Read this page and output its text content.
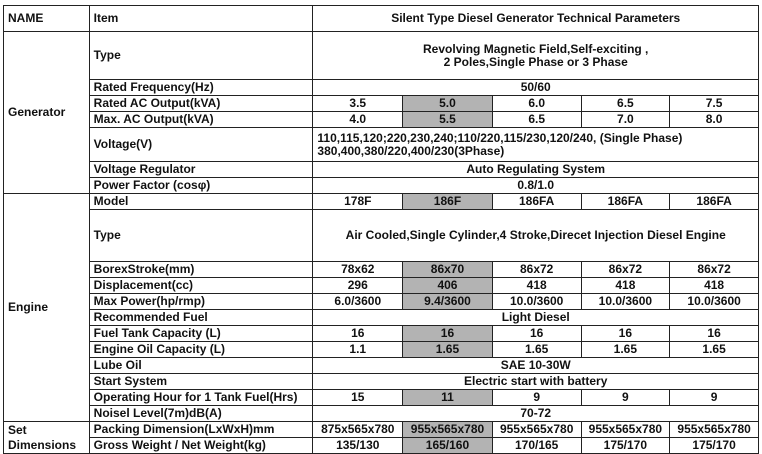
NAME	Item	Silent Type Diesel Generator Technical Parameters				
Generator	Type	Revolving Magnetic Field,Self-exciting ,
2 Poles,Single Phase or 3 Phase				

	Rated Frequency(Hz)	50/60				
	Rated AC Output(kVA)	3.5	5.0	6.0	6.5	7.5
	Max. AC Output(kVA)	4.0	5.5	6.5	7.0	8.0
	Voltage(V)	110,115,120;220,230,240;110/220,115/230,120/240, (Single Phase)
380,400,380/220,400/230(3Phase)				

	Voltage Regulator	Auto Regulating System				
	Power Factor (cosφ)	0.8/1.0				
Engine	Model	178F	186F	186FA	186FA	186FA
	Type	Air Cooled,Single Cylinder,4 Stroke,Direcet Injection Diesel Engine				
	BorexStroke(mm)	78x62	86x70	86x72	86x72	86x72
	Displacement(cc)	296	406	418	418	418
	Max Power(hp/rmp)	6.0/3600	9.4/3600	10.0/3600	10.0/3600	10.0/3600
	Recommended Fuel	Light Diesel				
	Fuel Tank Capacity (L)	16	16	16	16	16
	Engine Oil Capacity (L)	1.1	1.65	1.65	1.65	1.65
	Lube Oil	SAE 10-30W				
	Start System	Electric start with battery				
	Operating Hour for 1 Tank Fuel(Hrs)	15	11	9	9	9
	Noisel Level(7m)dB(A)	70-72				

Set
Dimensions	Packing Dimension(LxWxH)mm	875x565x780	955x565x780	955x565x780	955x565x780	955x565x780
	Gross Weight / Net Weight(kg)	135/130	165/160	170/165	175/170	175/170
